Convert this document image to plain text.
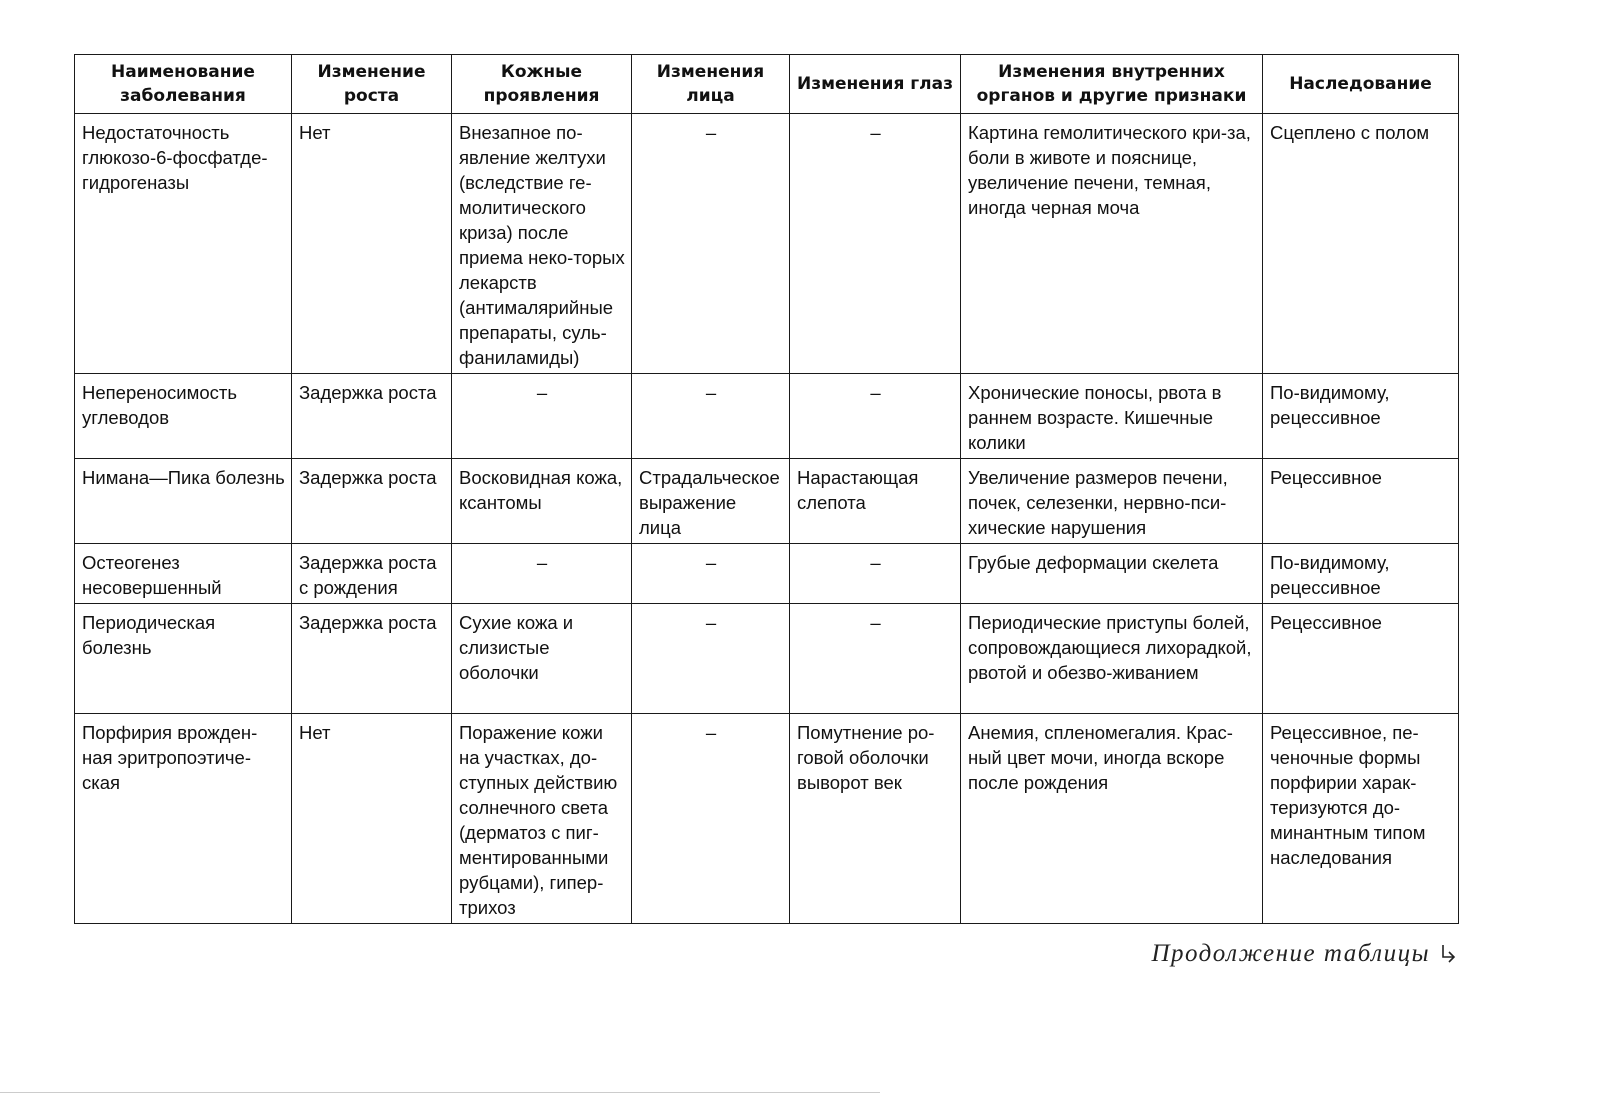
Наименование заболевания	Изменение роста	Кожные проявления	Изменения лица	Изменения глаз	Изменения внутренних органов и другие признаки	Наследование
Недостаточность глюкозо-6-фосфатде-гидрогеназы	Нет	Внезапное по-явление желтухи (вследствие ге-молитического криза) после приема неко-торых лекарств (антималярийные препараты, суль-фаниламиды)	–	–	Картина гемолитического кри-за, боли в животе и пояснице, увеличение печени, темная, иногда черная моча	Сцеплено с полом
Непереносимость углеводов	Задержка роста	–	–	–	Хронические поносы, рвота в раннем возрасте. Кишечные колики	По-видимому, рецессивное
Нимана—Пика болезнь	Задержка роста	Восковидная кожа, ксантомы	Страдальческое выражение лица	Нарастающая слепота	Увеличение размеров печени, почек, селезенки, нервно-пси-хические нарушения	Рецессивное
Остеогенез несовершенный	Задержка роста с рождения	–	–	–	Грубые деформации скелета	По-видимому, рецессивное
Периодическая болезнь	Задержка роста	Сухие кожа и слизистые оболочки	–	–	Периодические приступы болей, сопровождающиеся лихорадкой, рвотой и обезво-живанием	Рецессивное
Порфирия врожден-ная эритропоэтиче-ская	Нет	Поражение кожи на участках, до-ступных действию солнечного света (дерматоз с пиг-ментированными рубцами), гипер-трихоз	–	Помутнение ро-говой оболочки выворот век	Анемия, спленомегалия. Крас-ный цвет мочи, иногда вскоре после рождения	Рецессивное, пе-ченочные формы порфирии харак-теризуются до-минантным типом наследования
Продолжение таблицы
